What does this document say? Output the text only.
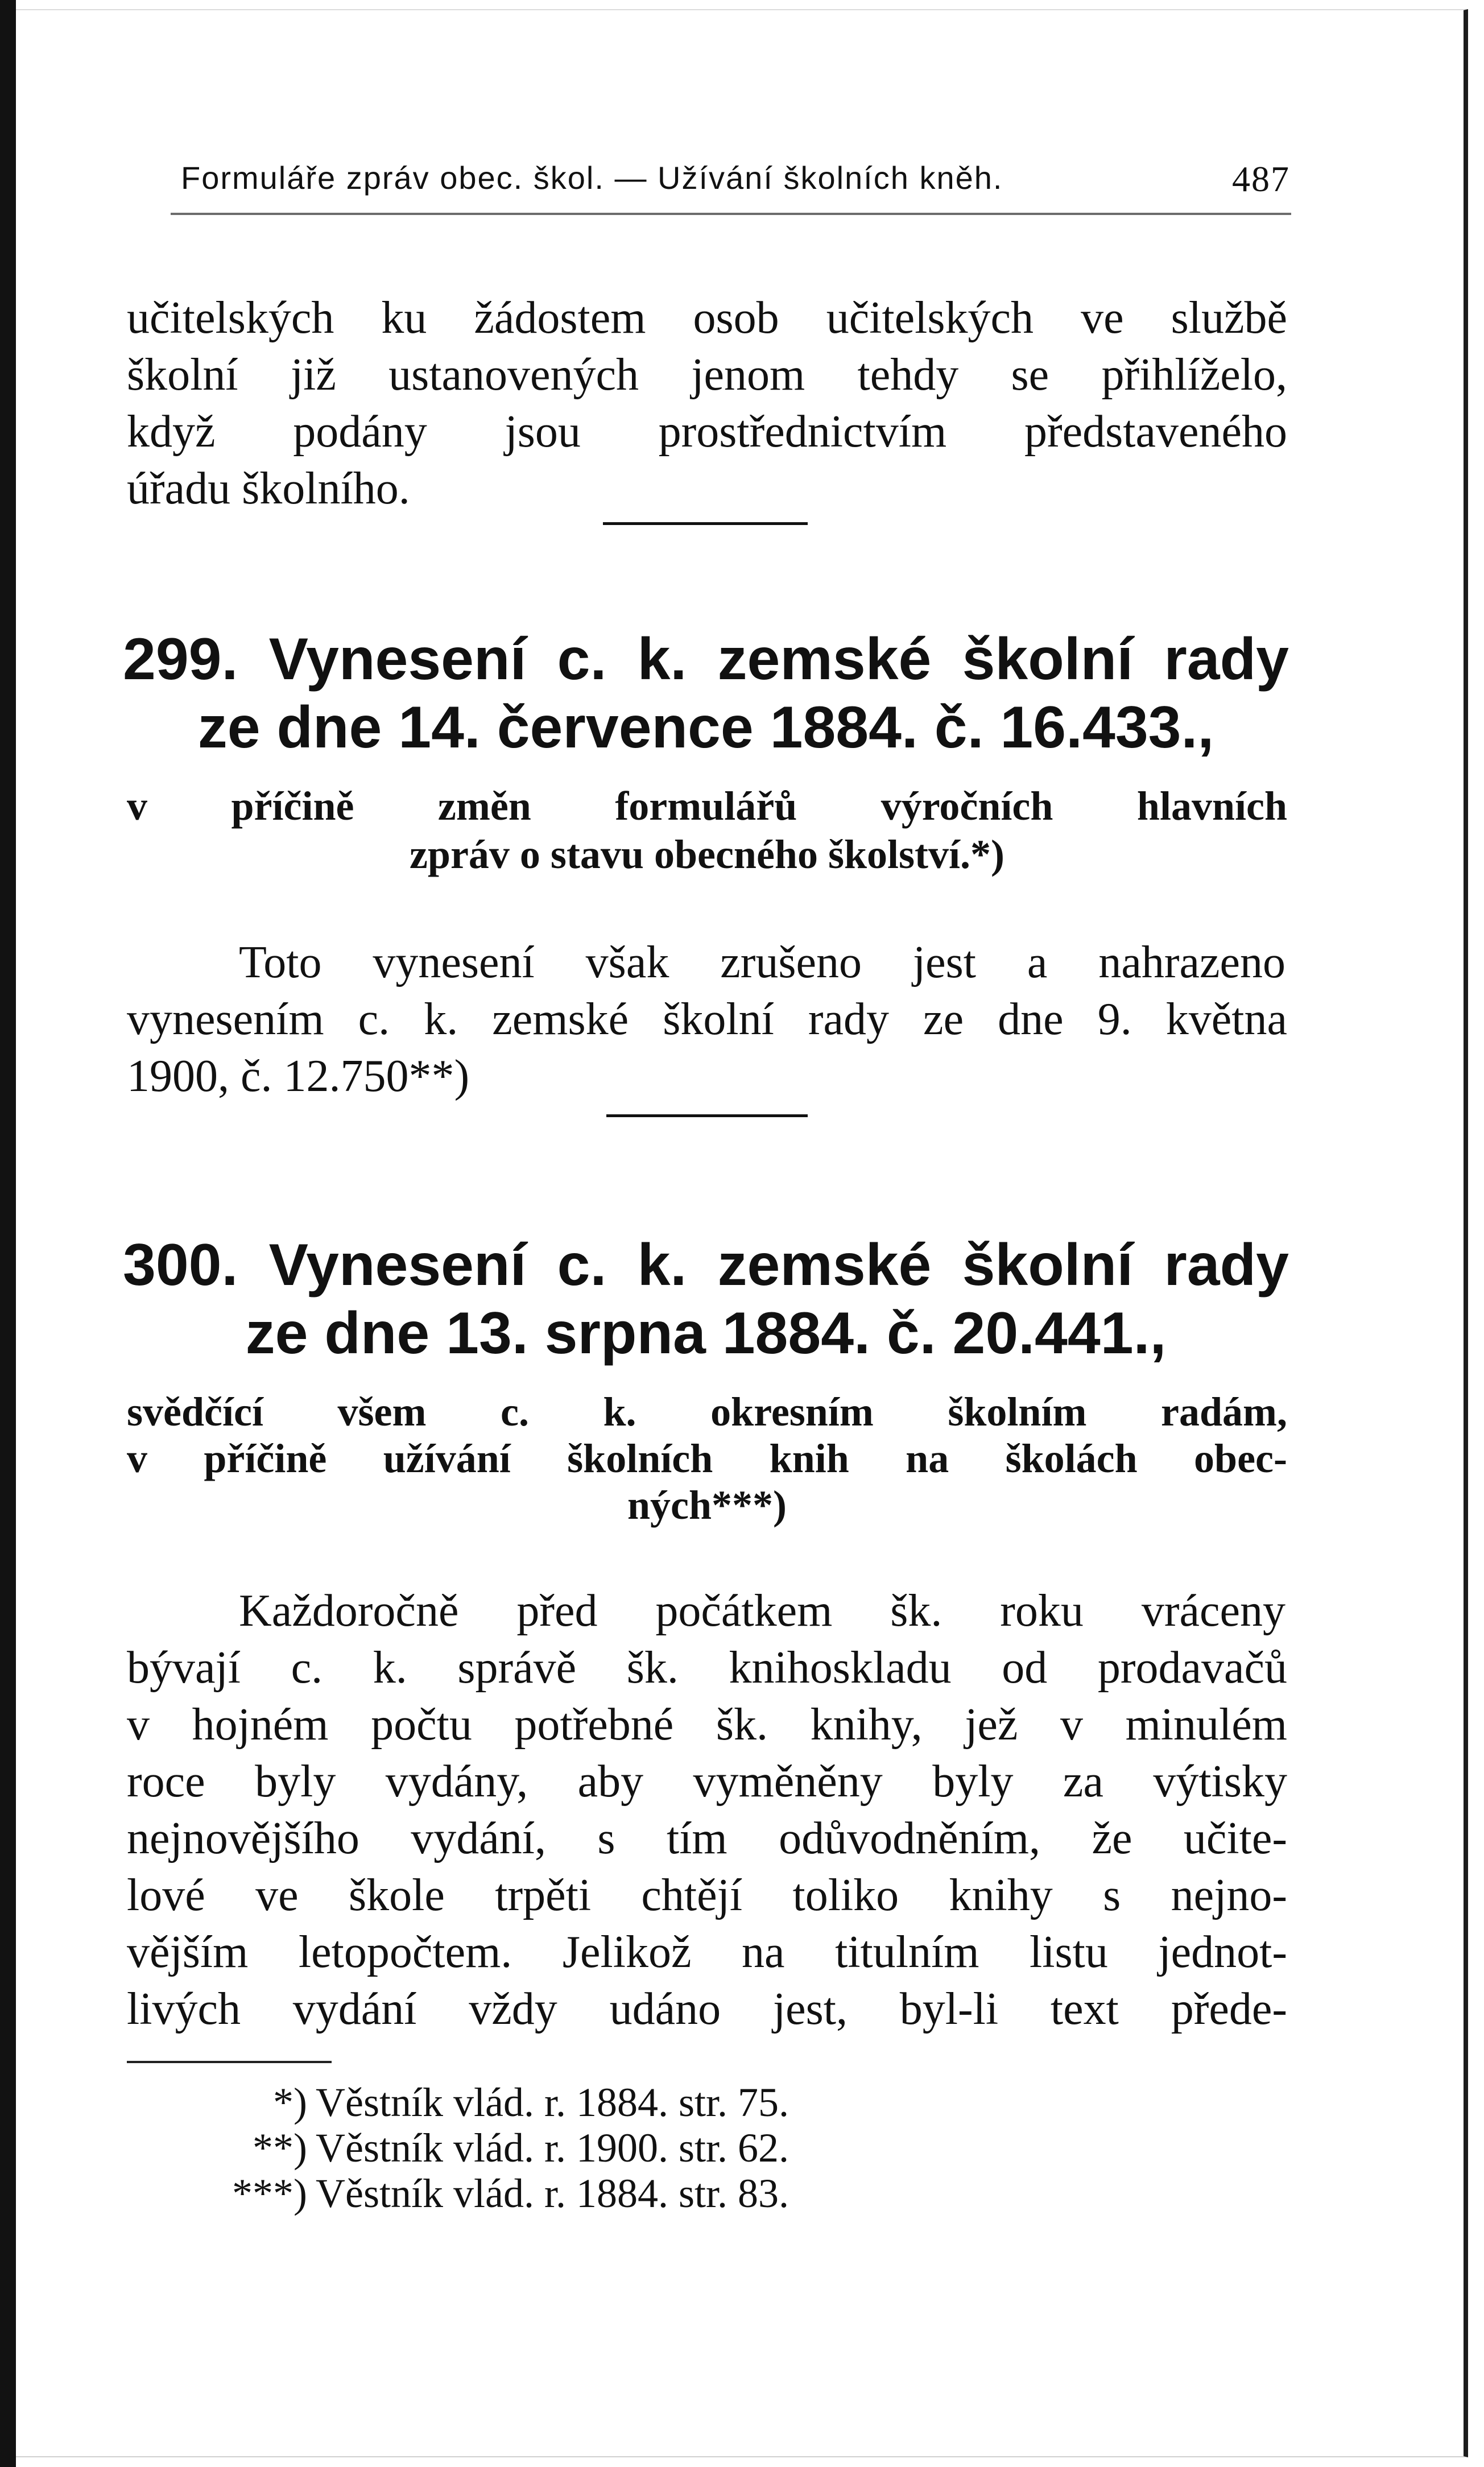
Formuláře zpráv obec. škol. — Užívání školních kněh.	487
učitelských ku žádostem osob učitelských ve službě
školní již ustanovených jenom tehdy se přihlíželo,
když podány jsou prostřednictvím představeného
úřadu školního.
299. Vynesení c. k. zemské školní rady
ze dne 14. července 1884. č. 16.433.,
v příčině změn formulářů výročních hlavních
zpráv o stavu obecného školství.*)
Toto vynesení však zrušeno jest a nahrazeno
vynesením c. k. zemské školní rady ze dne 9. května
1900, č. 12.750**)
300. Vynesení c. k. zemské školní rady
ze dne 13. srpna 1884. č. 20.441.,
svědčící všem c. k. okresním školním radám,
v příčině užívání školních knih na školách obec-
ných***)
Každoročně před počátkem šk. roku vráceny
bývají c. k. správě šk. knihoskladu od prodavačů
v hojném počtu potřebné šk. knihy, jež v minulém
roce byly vydány, aby vyměněny byly za výtisky
nejnovějšího vydání, s tím odůvodněním, že učite-
lové ve škole trpěti chtějí toliko knihy s nejno-
vějším letopočtem. Jelikož na titulním listu jednot-
livých vydání vždy udáno jest, byl-li text přede-
*) Věstník vlád. r. 1884. str. 75.
**) Věstník vlád. r. 1900. str. 62.
***) Věstník vlád. r. 1884. str. 83.
